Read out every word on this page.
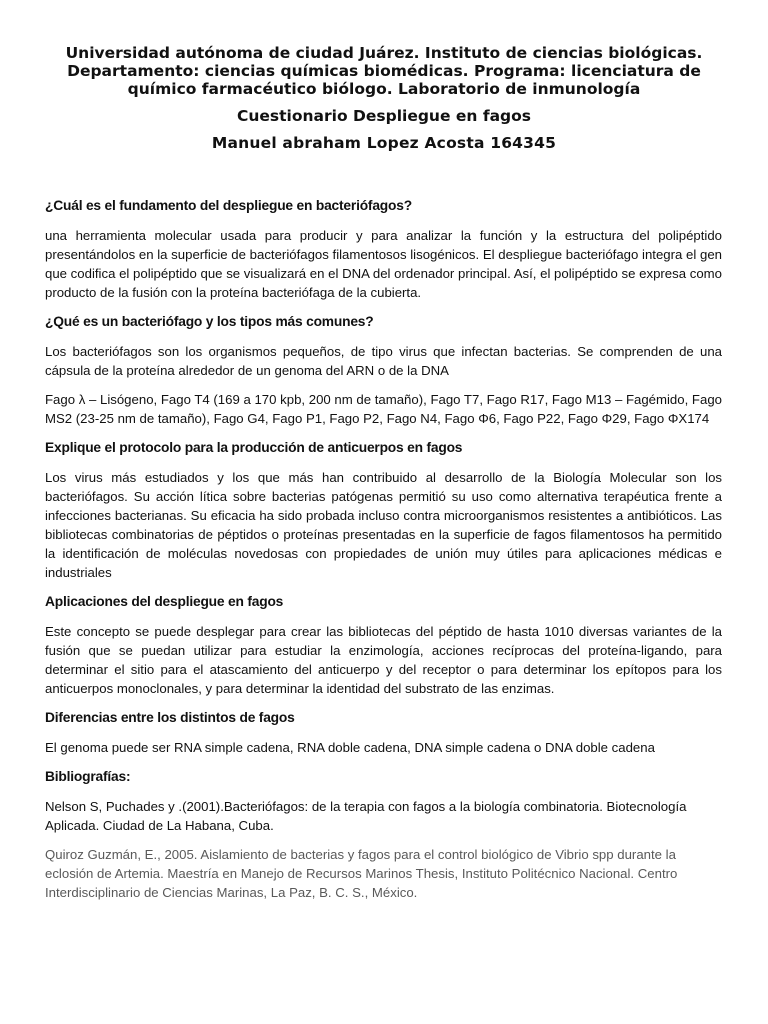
Universidad autónoma de ciudad Juárez. Instituto de ciencias biológicas. Departamento: ciencias químicas biomédicas. Programa: licenciatura de químico farmacéutico biólogo. Laboratorio de inmunología
Cuestionario Despliegue en fagos
Manuel abraham Lopez Acosta 164345

¿Cuál es el fundamento del despliegue en bacteriófagos?

una herramienta molecular usada para producir y para analizar la función y la estructura del polipéptido presentándolos en la superficie de bacteriófagos filamentosos lisogénicos. El despliegue bacteriófago integra el gen que codifica el polipéptido que se visualizará en el DNA del ordenador principal. Así, el polipéptido se expresa como producto de la fusión con la proteína bacteriófaga de la cubierta.

¿Qué es un bacteriófago y los tipos más comunes?

Los bacteriófagos son los organismos pequeños, de tipo virus que infectan bacterias. Se comprenden de una cápsula de la proteína alrededor de un genoma del ARN o de la DNA

Fago λ – Lisógeno, Fago T4 (169 a 170 kpb, 200 nm de tamaño), Fago T7, Fago R17, Fago M13 – Fagémido, Fago MS2 (23-25 nm de tamaño), Fago G4, Fago P1, Fago P2, Fago N4, Fago Φ6, Fago P22, Fago Φ29, Fago ΦX174

Explique el protocolo para la producción de anticuerpos en fagos

Los virus más estudiados y los que más han contribuido al desarrollo de la Biología Molecular son los bacteriófagos. Su acción lítica sobre bacterias patógenas permitió su uso como alternativa terapéutica frente a infecciones bacterianas. Su eficacia ha sido probada incluso contra microorganismos resistentes a antibióticos. Las bibliotecas combinatorias de péptidos o proteínas presentadas en la superficie de fagos filamentosos ha permitido la identificación de moléculas novedosas con propiedades de unión muy útiles para aplicaciones médicas e industriales

Aplicaciones del despliegue en fagos

Este concepto se puede desplegar para crear las bibliotecas del péptido de hasta 1010 diversas variantes de la fusión que se puedan utilizar para estudiar la enzimología, acciones recíprocas del proteína-ligando, para determinar el sitio para el atascamiento del anticuerpo y del receptor o para determinar los epítopos para los anticuerpos monoclonales, y para determinar la identidad del substrato de las enzimas.

Diferencias entre los distintos de fagos

El genoma puede ser RNA simple cadena, RNA doble cadena, DNA simple cadena o DNA doble cadena

Bibliografías:

Nelson S, Puchades y .(2001).Bacteriófagos: de la terapia con fagos a la biología combinatoria. Biotecnología Aplicada. Ciudad de La Habana, Cuba.

Quiroz Guzmán, E., 2005. Aislamiento de bacterias y fagos para el control biológico de Vibrio spp durante la eclosión de Artemia. Maestría en Manejo de Recursos Marinos Thesis, Instituto Politécnico Nacional. Centro Interdisciplinario de Ciencias Marinas, La Paz, B. C. S., México.
